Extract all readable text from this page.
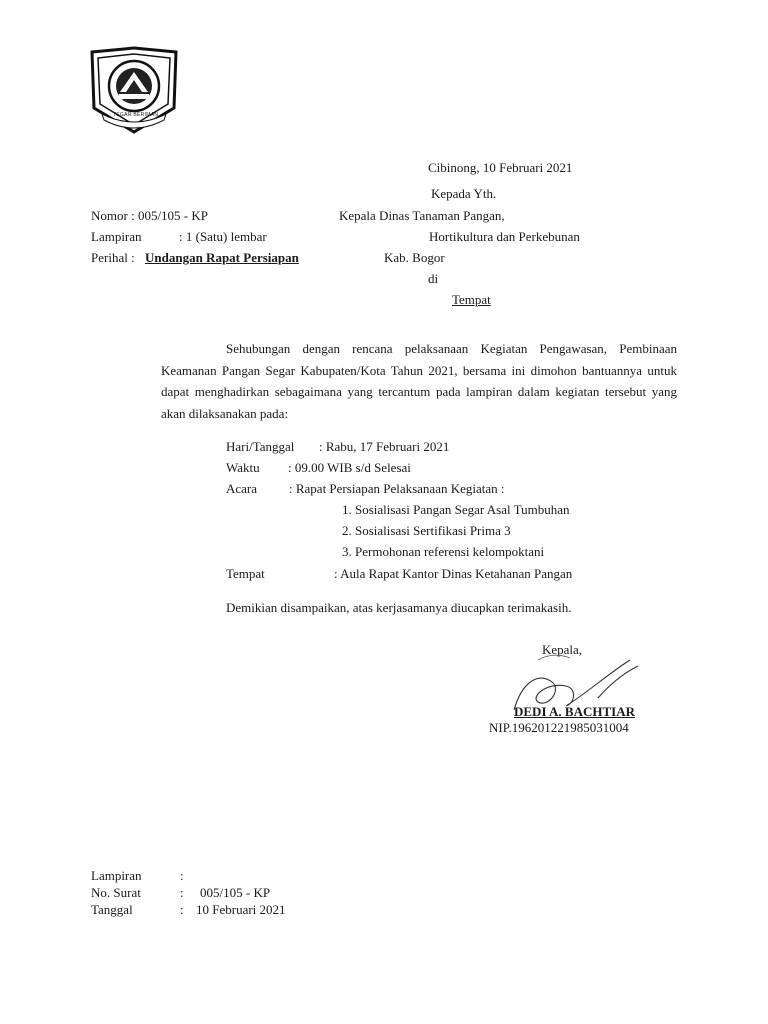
TEGAR BERIMAN
Cibinong, 10 Februari 2021
Kepada Yth.
Kepala Dinas Tanaman Pangan,
Hortikultura dan Perkebunan
Kab. Bogor
di
Tempat
Nomor : 005/105 - KP
Lampiran	: 1 (Satu) lembar
Perihal : Undangan Rapat Persiapan

Sehubungan dengan rencana pelaksanaan Kegiatan Pengawasan, Pembinaan Keamanan Pangan Segar Kabupaten/Kota Tahun 2021, bersama ini dimohon bantuannya untuk dapat menghadirkan sebagaimana yang tercantum pada lampiran dalam kegiatan tersebut yang akan dilaksanakan pada:

Hari/Tanggal : Rabu, 17 Februari 2021
Waktu : 09.00 WIB s/d Selesai
Acara : Rapat Persiapan Pelaksanaan Kegiatan :
1. Sosialisasi Pangan Segar Asal Tumbuhan
2. Sosialisasi Sertifikasi Prima 3
3. Permohonan referensi kelompoktani
Tempat	: Aula Rapat Kantor Dinas Ketahanan Pangan
Demikian disampaikan, atas kerjasamanya diucapkan terimakasih.
Kepala,
DEDI A. BACHTIAR
NIP.196201221985031004
Lampiran	:
No. Surat	: 005/105 - KP
Tanggal	: 10 Februari 2021
